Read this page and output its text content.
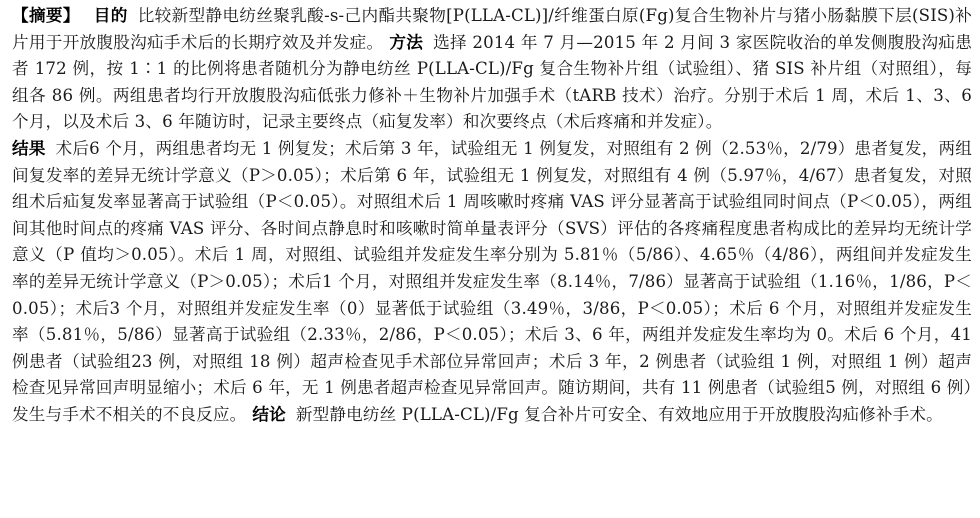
【摘要】 目的 比较新型静电纺丝聚乳酸-s-己内酯共聚物[P(LLA-CL)]/纤维蛋白原(Fg)复合生物补片与猪小肠黏膜下层(SIS)补片用于开放腹股沟疝手术后的长期疗效及并发症。 方法 选择 2014 年 7 月—2015 年 2 月间 3 家医院收治的单发侧腹股沟疝患者 172 例，按 1∶1 的比例将患者随机分为静电纺丝 P(LLA-CL)/Fg 复合生物补片组（试验组）、猪 SIS 补片组（对照组），每组各 86 例。两组患者均行开放腹股沟疝低张力修补＋生物补片加强手术（tARB 技术）治疗。分别于术后 1 周，术后 1、3、6 个月，以及术后 3、6 年随访时，记录主要终点（疝复发率）和次要终点（术后疼痛和并发症）。
结果 术后6 个月，两组患者均无 1 例复发；术后第 3 年，试验组无 1 例复发，对照组有 2 例（2.53％，2/79）患者复发，两组间复发率的差异无统计学意义（P＞0.05）；术后第 6 年，试验组无 1 例复发，对照组有 4 例（5.97％，4/67）患者复发，对照组术后疝复发率显著高于试验组（P＜0.05）。对照组术后 1 周咳嗽时疼痛 VAS 评分显著高于试验组同时间点（P＜0.05），两组间其他时间点的疼痛 VAS 评分、各时间点静息时和咳嗽时简单量表评分（SVS）评估的各疼痛程度患者构成比的差异均无统计学意义（P 值均＞0.05）。术后 1 周，对照组、试验组并发症发生率分别为 5.81％（5/86）、4.65％（4/86），两组间并发症发生率的差异无统计学意义（P＞0.05）；术后1 个月，对照组并发症发生率（8.14％，7/86）显著高于试验组（1.16％，1/86，P＜0.05）；术后3 个月，对照组并发症发生率（0）显著低于试验组（3.49％，3/86，P＜0.05）；术后 6 个月，对照组并发症发生率（5.81％，5/86）显著高于试验组（2.33％，2/86，P＜0.05）；术后 3、6 年，两组并发症发生率均为 0。术后 6 个月，41 例患者（试验组23 例，对照组 18 例）超声检查见手术部位异常回声；术后 3 年，2 例患者（试验组 1 例，对照组 1 例）超声检查见异常回声明显缩小；术后 6 年，无 1 例患者超声检查见异常回声。随访期间，共有 11 例患者（试验组5 例，对照组 6 例）发生与手术不相关的不良反应。 结论 新型静电纺丝 P(LLA-CL)/Fg 复合补片可安全、有效地应用于开放腹股沟疝修补手术。
